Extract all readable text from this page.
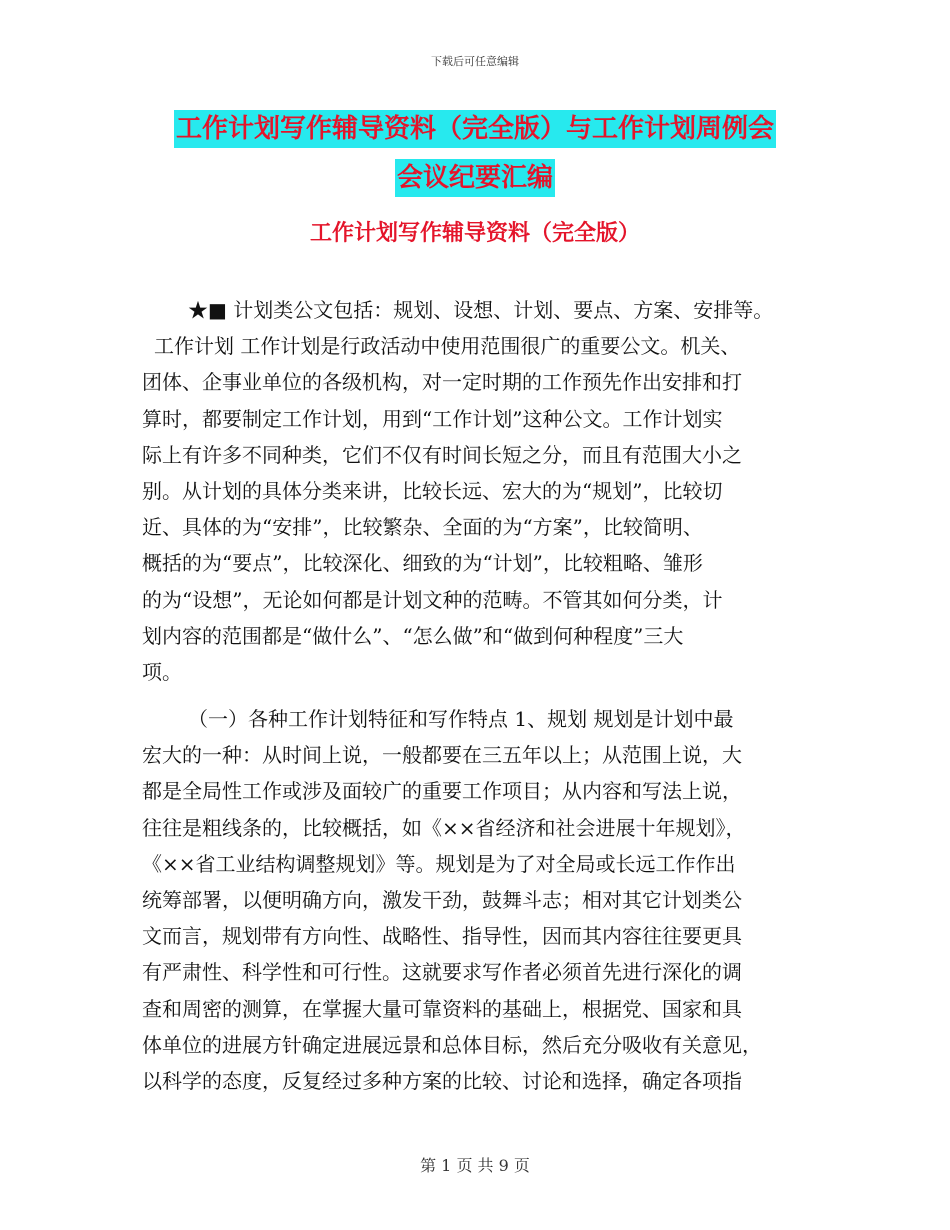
下载后可任意编辑
工作计划写作辅导资料（完全版）与工作计划周例会
会议纪要汇编
工作计划写作辅导资料（完全版）
★■ 计划类公文包括：规划、设想、计划、要点、方案、安排等。
工作计划 工作计划是行政活动中使用范围很广的重要公文。机关、
团体、企事业单位的各级机构，对一定时期的工作预先作出安排和打
算时，都要制定工作计划，用到“工作计划”这种公文。工作计划实
际上有许多不同种类，它们不仅有时间长短之分，而且有范围大小之
别。从计划的具体分类来讲，比较长远、宏大的为“规划”，比较切
近、具体的为“安排”，比较繁杂、全面的为“方案”，比较简明、
概括的为“要点”，比较深化、细致的为“计划”，比较粗略、雏形
的为“设想”，无论如何都是计划文种的范畴。不管其如何分类，计
划内容的范围都是“做什么”、“怎么做”和“做到何种程度”三大
项。
（一）各种工作计划特征和写作特点 1、规划 规划是计划中最
宏大的一种：从时间上说，一般都要在三五年以上；从范围上说，大
都是全局性工作或涉及面较广的重要工作项目；从内容和写法上说，
往往是粗线条的，比较概括，如《××省经济和社会进展十年规划》，
《××省工业结构调整规划》等。规划是为了对全局或长远工作作出
统筹部署，以便明确方向，激发干劲，鼓舞斗志；相对其它计划类公
文而言，规划带有方向性、战略性、指导性，因而其内容往往要更具
有严肃性、科学性和可行性。这就要求写作者必须首先进行深化的调
查和周密的测算，在掌握大量可靠资料的基础上，根据党、国家和具
体单位的进展方针确定进展远景和总体目标，然后充分吸收有关意见，
以科学的态度，反复经过多种方案的比较、讨论和选择，确定各项指
第 1 页 共 9 页
